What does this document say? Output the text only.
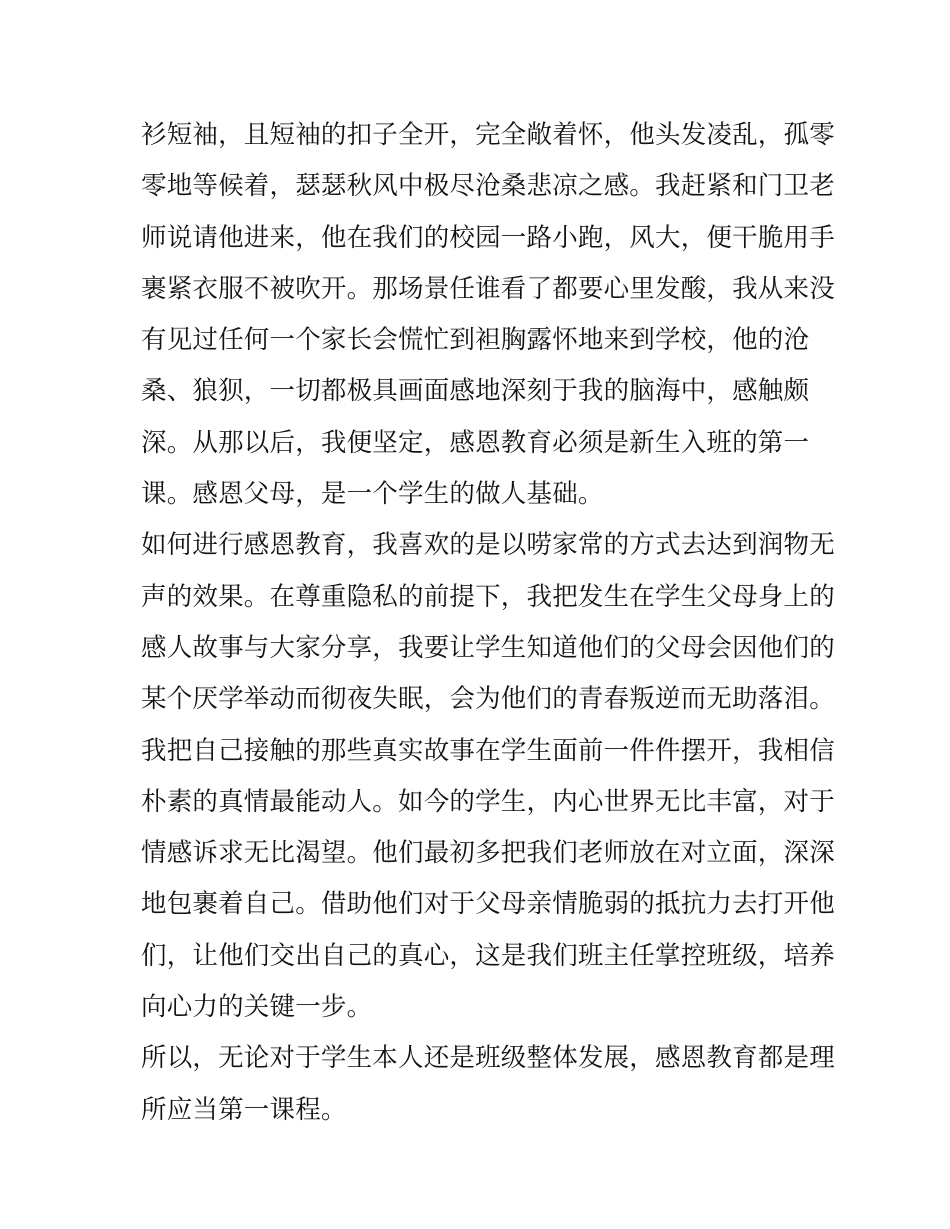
衫短袖，且短袖的扣子全开，完全敞着怀，他头发凌乱，孤零
零地等候着，瑟瑟秋风中极尽沧桑悲凉之感。我赶紧和门卫老
师说请他进来，他在我们的校园一路小跑，风大，便干脆用手
裹紧衣服不被吹开。那场景任谁看了都要心里发酸，我从来没
有见过任何一个家长会慌忙到袒胸露怀地来到学校，他的沧
桑、狼狈，一切都极具画面感地深刻于我的脑海中，感触颇
深。从那以后，我便坚定，感恩教育必须是新生入班的第一
课。感恩父母，是一个学生的做人基础。
如何进行感恩教育，我喜欢的是以唠家常的方式去达到润物无
声的效果。在尊重隐私的前提下，我把发生在学生父母身上的
感人故事与大家分享，我要让学生知道他们的父母会因他们的
某个厌学举动而彻夜失眠，会为他们的青春叛逆而无助落泪。
我把自己接触的那些真实故事在学生面前一件件摆开，我相信
朴素的真情最能动人。如今的学生，内心世界无比丰富，对于
情感诉求无比渴望。他们最初多把我们老师放在对立面，深深
地包裹着自己。借助他们对于父母亲情脆弱的抵抗力去打开他
们，让他们交出自己的真心，这是我们班主任掌控班级，培养
向心力的关键一步。
所以，无论对于学生本人还是班级整体发展，感恩教育都是理
所应当第一课程。
